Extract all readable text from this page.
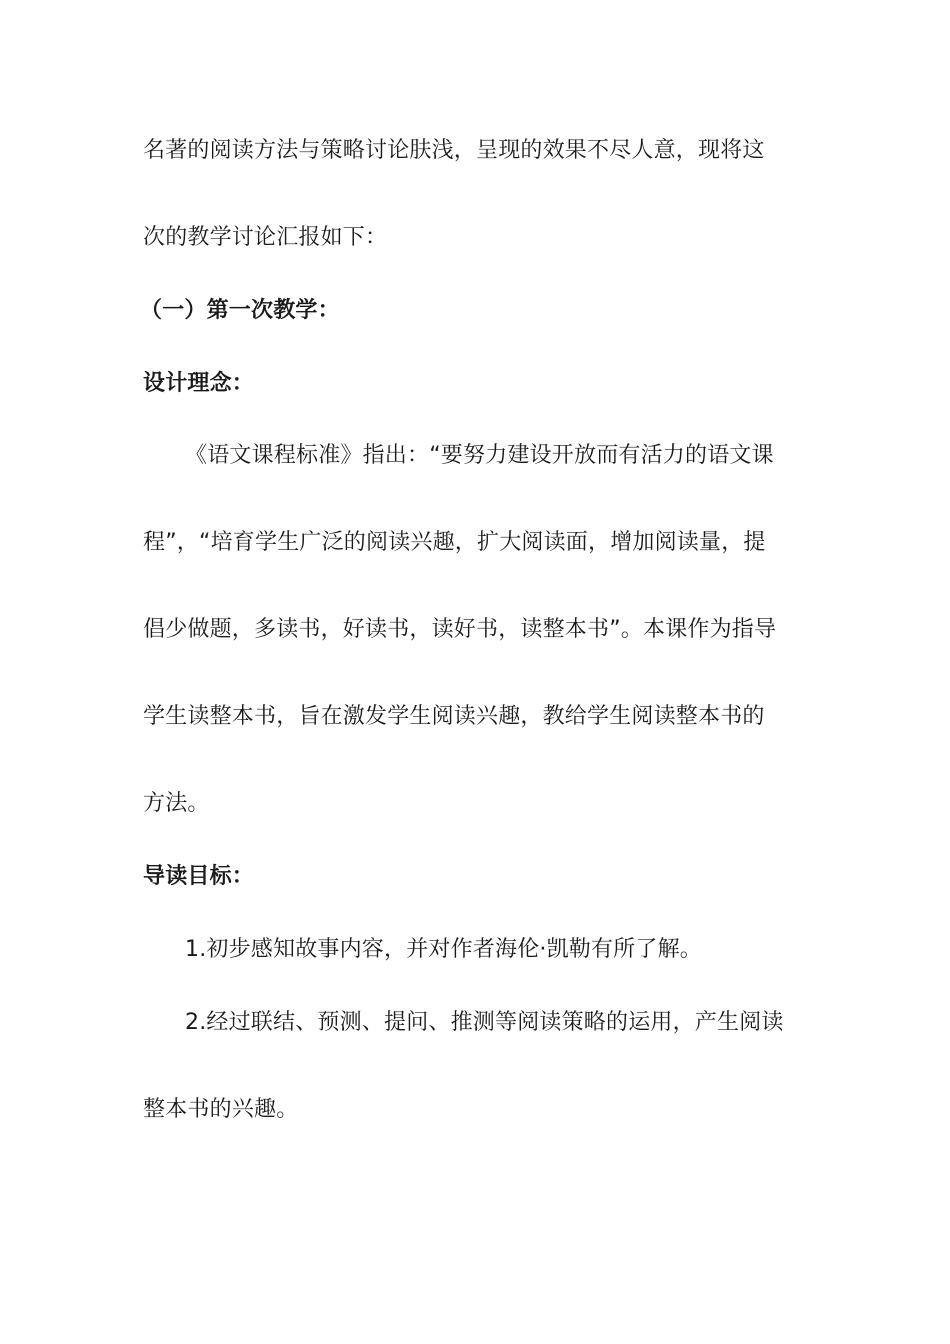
名著的阅读方法与策略讨论肤浅，呈现的效果不尽人意，现将这
次的教学讨论汇报如下：
（一）第一次教学：
设计理念：
《语文课程标准》指出：“要努力建设开放而有活力的语文课
程”，“培育学生广泛的阅读兴趣，扩大阅读面，增加阅读量，提
倡少做题，多读书，好读书，读好书，读整本书”。本课作为指导
学生读整本书，旨在激发学生阅读兴趣，教给学生阅读整本书的
方法。
导读目标：
1.初步感知故事内容，并对作者海伦·凯勒有所了解。
2.经过联结、预测、提问、推测等阅读策略的运用，产生阅读
整本书的兴趣。
